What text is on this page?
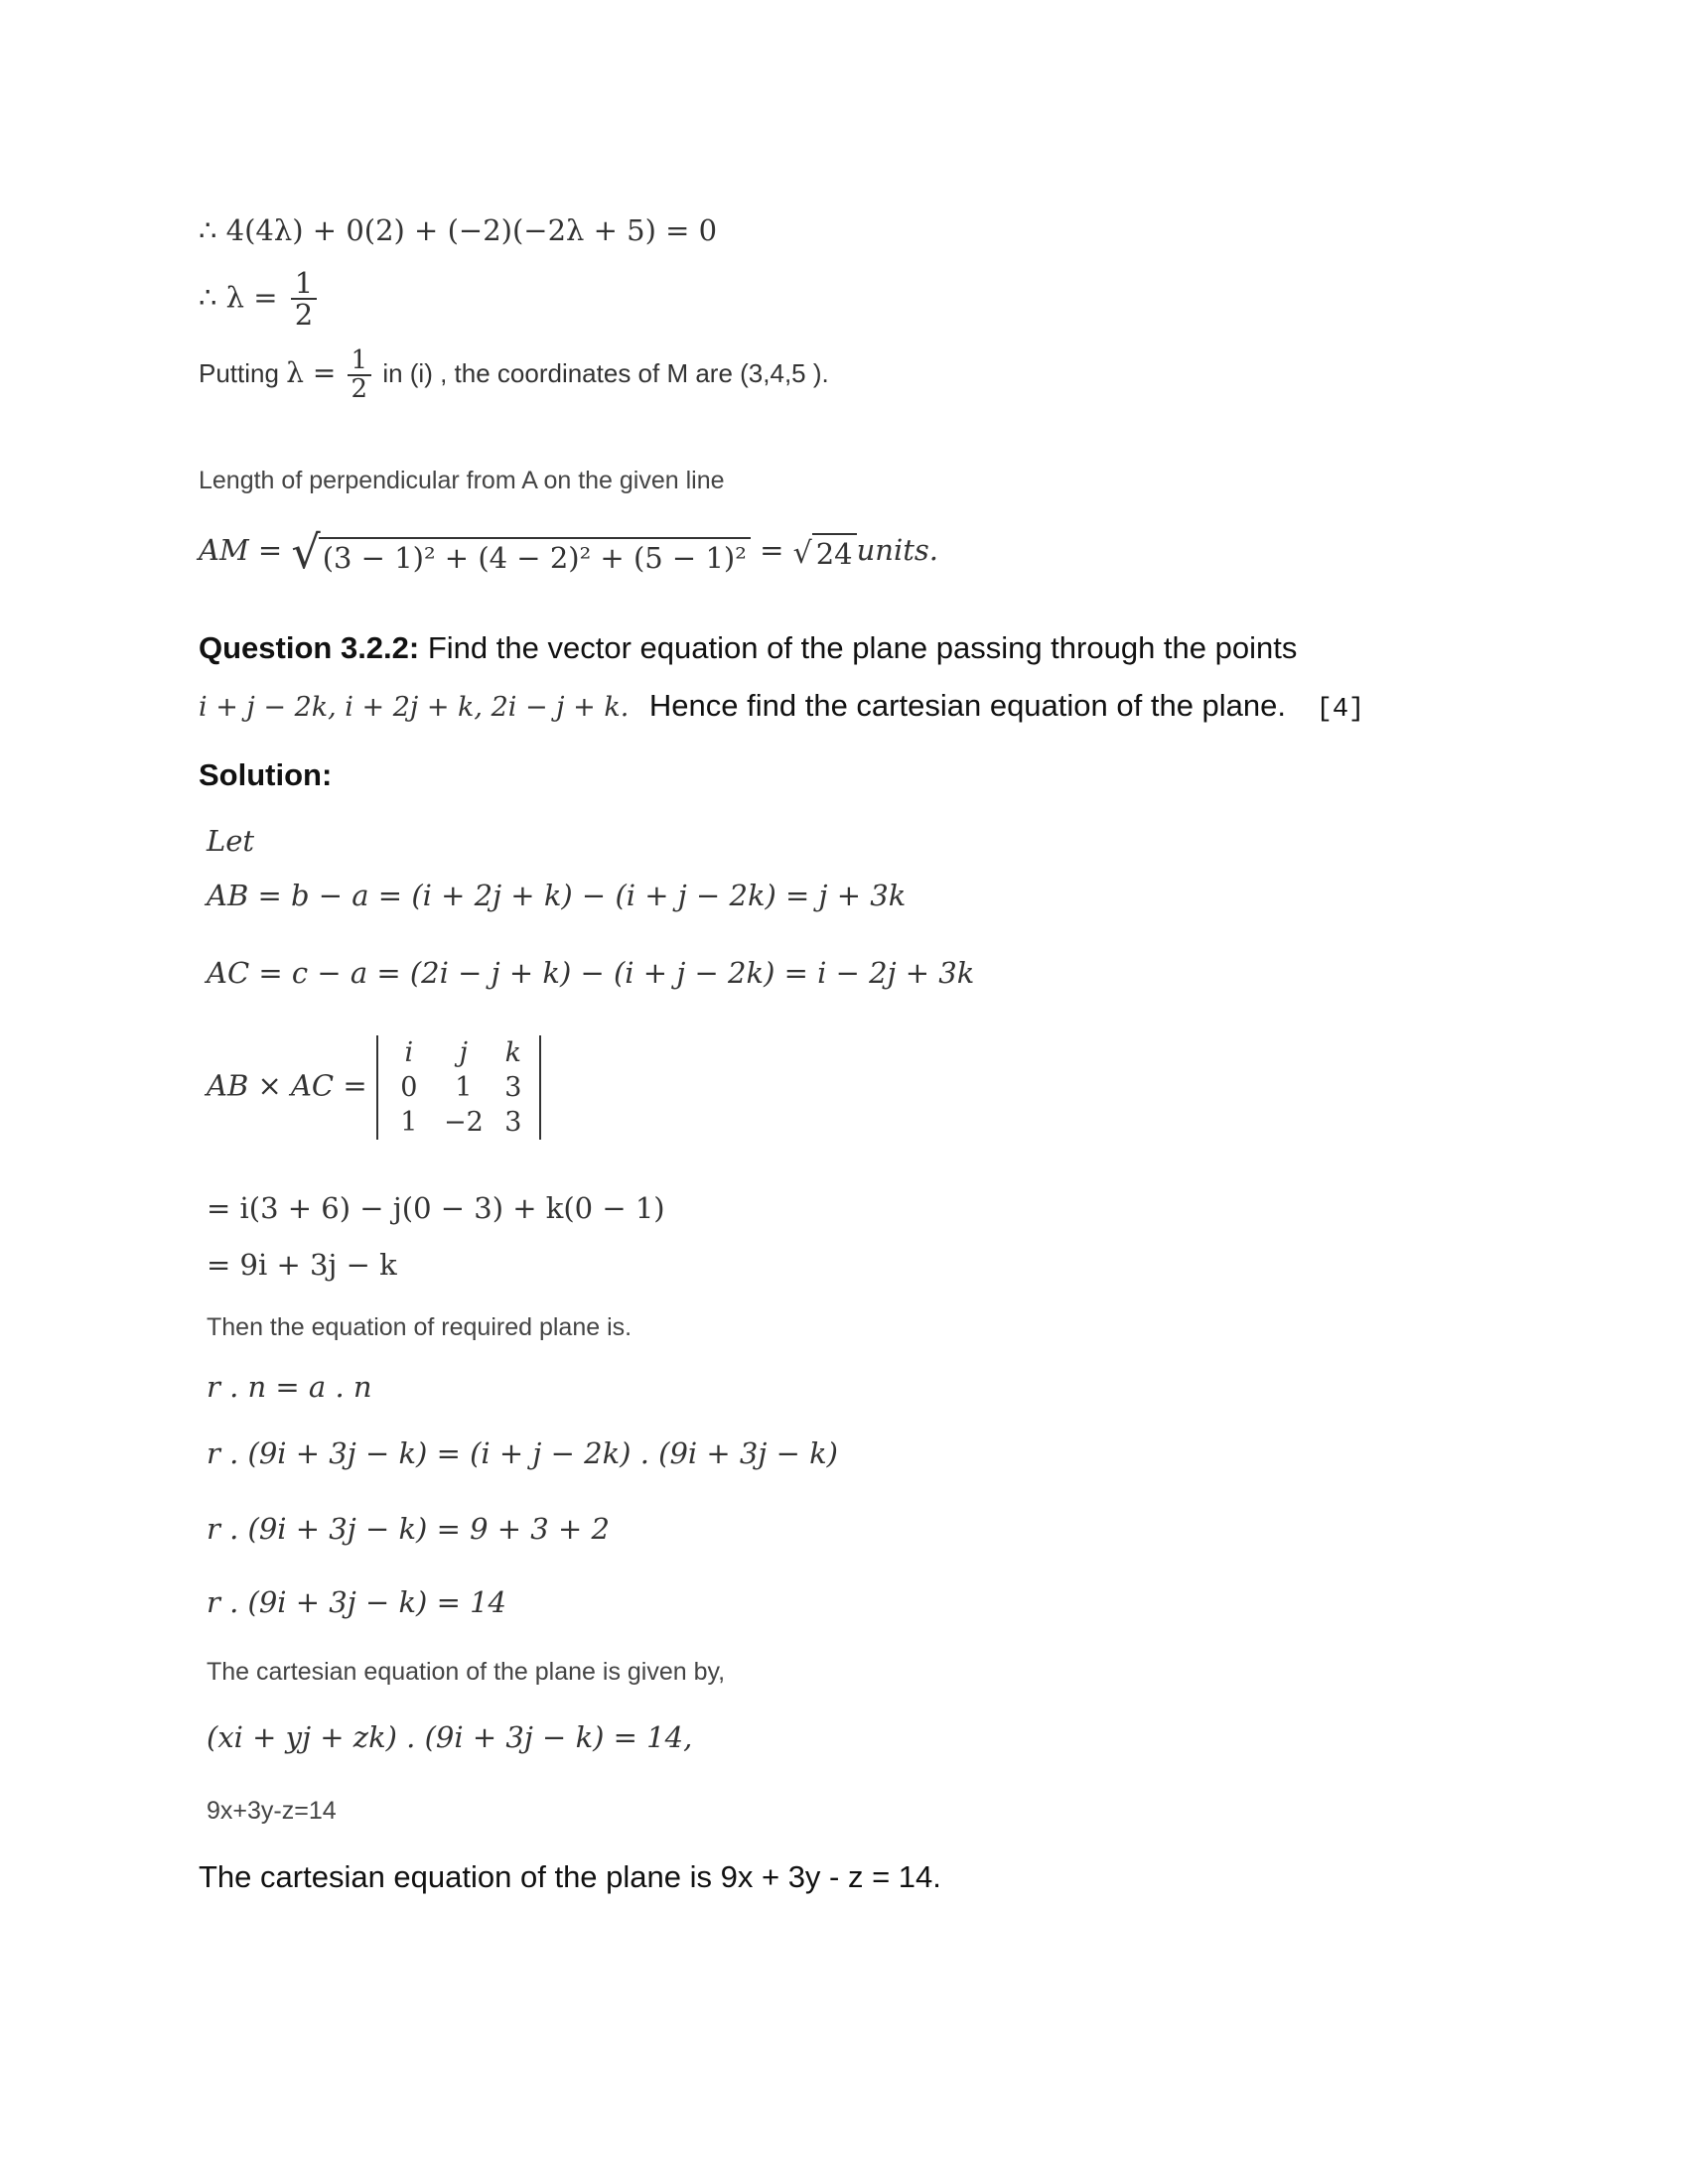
∴ 4(4λ) + 0(2) + (−2)(−2λ + 5) = 0
∴ $\lambda = \frac{1}{2}$
Putting $\lambda = \frac{1}{2}$ in (i) , the coordinates of M are (3,4,5 ).
Length of perpendicular from A on the given line
AM = √ (3 − 1)² + (4 − 2)² + (5 − 1)² = √ 24 units.
Question 3.2.2: Find the vector equation of the plane passing through the points
i + j − 2k, i + 2j + k, 2i − j + k. Hence find the cartesian equation of the plane. [4]
Solution:
Let
AB = b − a = (i + 2j + k) − (i + j − 2k) = j + 3k
AC = c − a = (2i − j + k) − (i + j − 2k) = i − 2j + 3k
AB × AC =
i	j	k
0	1	3
1 −2 3
= i(3 + 6) − j(0 − 3) + k(0 − 1)
= 9i + 3j − k
Then the equation of required plane is.
r . n = a . n
r . (9i + 3j − k) = (i + j − 2k) . (9i + 3j − k)
r . (9i + 3j − k) = 9 + 3 + 2
r . (9i + 3j − k) = 14
The cartesian equation of the plane is given by,
(xi + yj + zk) . (9i + 3j − k) = 14,
9x+3y-z=14
The cartesian equation of the plane is 9x + 3y - z = 14.
